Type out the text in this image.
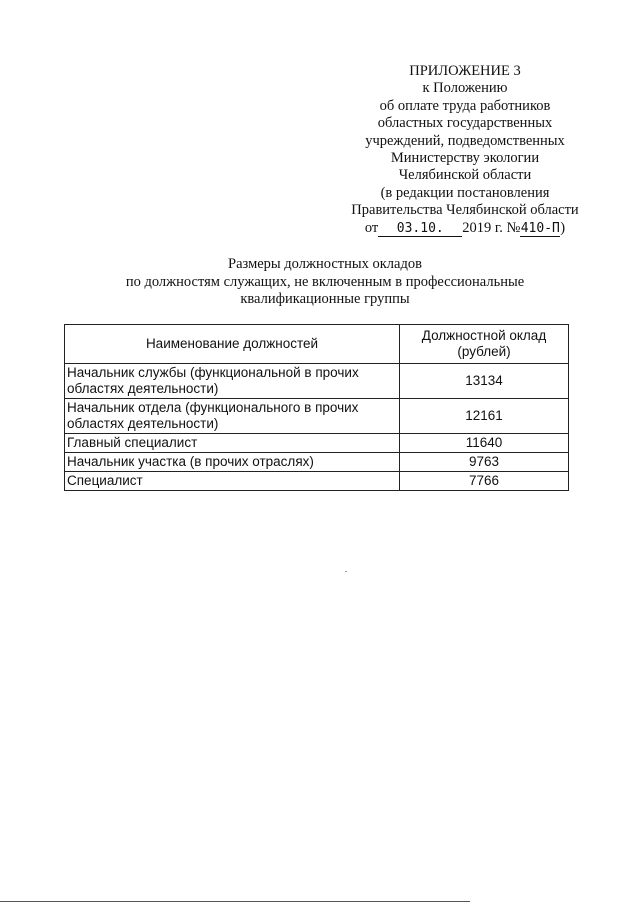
ПРИЛОЖЕНИЕ 3
к Положению
об оплате труда работников
областных государственных
учреждений, подведомственных
Министерству экологии
Челябинской области
(в редакции постановления
Правительства Челябинской области
от 03.10. 2019 г. №410-П)
Размеры должностных окладов
по должностям служащих, не включенным в профессиональные
квалификационные группы
Наименование должностей	Должностной оклад
(рублей)

Начальник службы (функциональной в прочих областях деятельности)	13134
Начальник отдела (функционального в прочих областях деятельности)	12161
Главный специалист	11640
Начальник участка (в прочих отраслях)	9763
Специалист	7766
